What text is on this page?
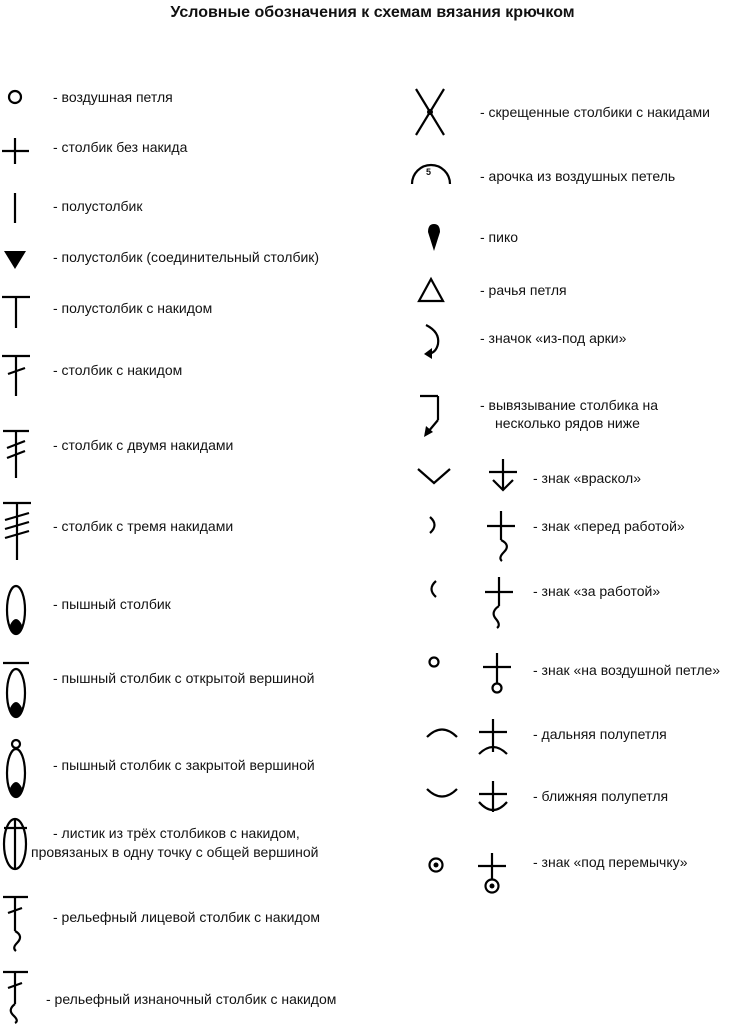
Условные обозначения к схемам вязания крючком
- воздушная петля
- столбик без накида
- полустолбик
- полустолбик (соединительный столбик)
- полустолбик с накидом
- столбик с накидом
- столбик с двумя накидами
- столбик с тремя накидами
- пышный столбик
- пышный столбик с открытой вершиной
- пышный столбик с закрытой вершиной
- листик из трёх столбиков с накидом,
провязаных в одну точку с общей вершиной
- рельефный лицевой столбик с накидом
- рельефный изнаночный столбик с накидом
- скрещенные столбики с накидами
5	- арочка из воздушных петель
- пико
- рачья петля
- значок «из-под арки»
- вывязывание столбика на
несколько рядов ниже
- знак «враскол»
- знак «перед работой»
- знак «за работой»
- знак «на воздушной петле»
- дальняя полупетля
- ближняя полупетля
- знак «под перемычку»
